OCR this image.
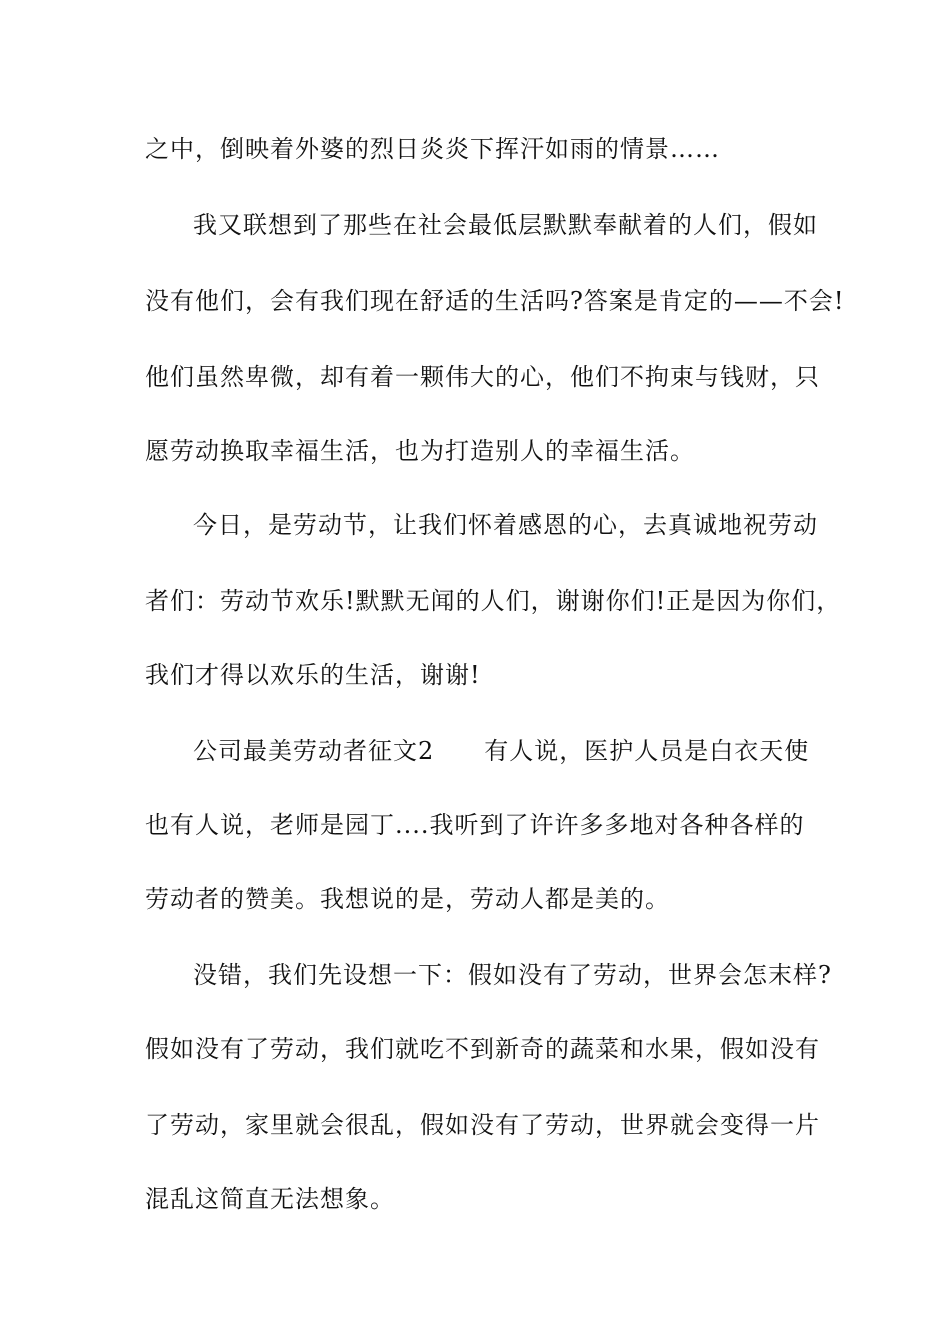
之中，倒映着外婆的烈日炎炎下挥汗如雨的情景……
我又联想到了那些在社会最低层默默奉献着的人们，假如
没有他们，会有我们现在舒适的生活吗?答案是肯定的——不会!
他们虽然卑微，却有着一颗伟大的心，他们不拘束与钱财，只
愿劳动换取幸福生活，也为打造别人的幸福生活。
今日，是劳动节，让我们怀着感恩的心，去真诚地祝劳动
者们：劳动节欢乐!默默无闻的人们，谢谢你们!正是因为你们，
我们才得以欢乐的生活，谢谢!
公司最美劳动者征文2　　有人说，医护人员是白衣天使
也有人说，老师是园丁....我听到了许许多多地对各种各样的
劳动者的赞美。我想说的是，劳动人都是美的。
没错，我们先设想一下：假如没有了劳动，世界会怎末样?
假如没有了劳动，我们就吃不到新奇的蔬菜和水果，假如没有
了劳动，家里就会很乱，假如没有了劳动，世界就会变得一片
混乱这简直无法想象。
